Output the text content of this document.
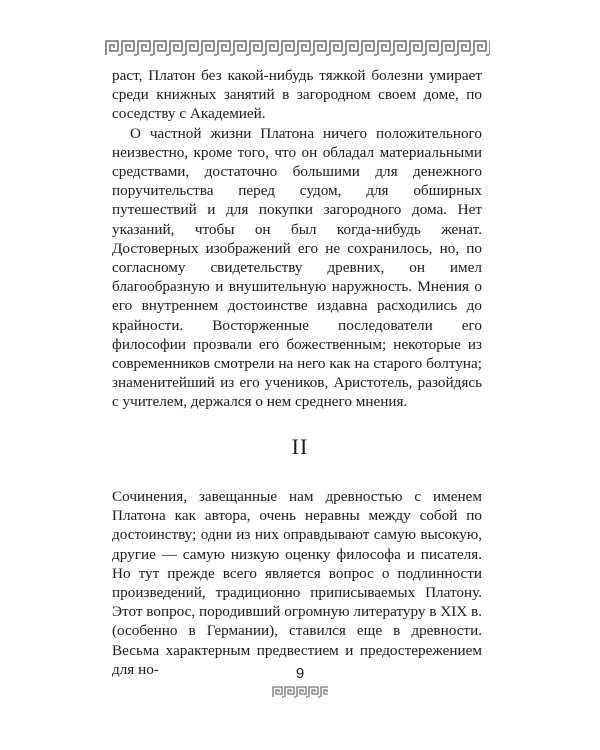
раст, Платон без какой-нибудь тяжкой болезни умирает среди книжных занятий в загородном своем доме, по соседству с Академией.

О частной жизни Платона ничего положительного неизвестно, кроме того, что он обладал материальными средствами, достаточно большими для денежного поручительства перед судом, для обширных путешествий и для покупки загородного дома. Нет указаний, чтобы он был когда-нибудь женат. Достоверных изображений его не сохранилось, но, по согласному свидетельству древних, он имел благообразную и внушительную наружность. Мнения о его внутреннем достоинстве издавна расходились до крайности. Восторженные последователи его философии прозвали его божественным; некоторые из современников смотрели на него как на старого болтуна; знаменитейший из его учеников, Аристотель, разойдясь с учителем, держался о нем среднего мнения.

II

Сочинения, завещанные нам древностью с именем Платона как автора, очень неравны между собой по достоинству; одни из них оправдывают самую высокую, другие — самую низкую оценку философа и писателя. Но тут прежде всего является вопрос о подлинности произведений, традиционно приписываемых Платону. Этот вопрос, породивший огромную литературу в XIX в. (особенно в Германии), ставился еще в древности. Весьма характерным предвестием и предостережением для но-	9
